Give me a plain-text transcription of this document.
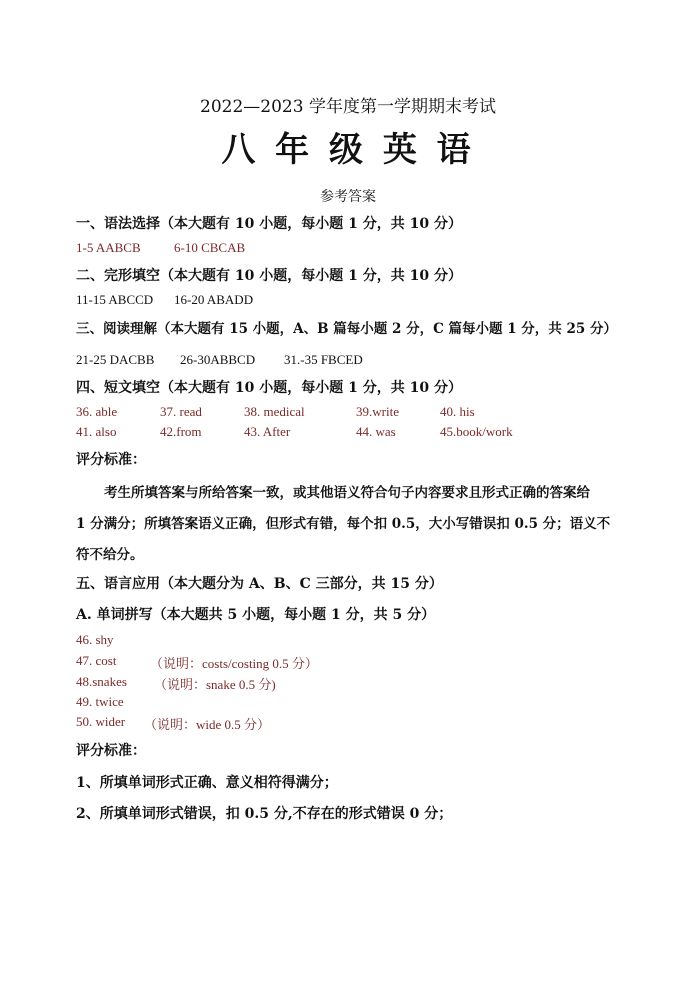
2022—2023 学年度第一学期期末考试
八 年 级 英 语
参考答案
一、语法选择（本大题有 10 小题，每小题 1 分，共 10 分）
1-5 AABCB	6-10 CBCAB
二、完形填空（本大题有 10 小题，每小题 1 分，共 10 分）
11-15 ABCCD 16-20 ABADD
三、阅读理解（本大题有 15 小题，A、B 篇每小题 2 分，C 篇每小题 1 分，共 25 分）
21-25 DACBB 26-30ABBCD 31.-35 FBCED
四、短文填空（本大题有 10 小题，每小题 1 分，共 10 分）
36. able	37. read	38. medical	39.write	40. his
41. also	42.from	43. After	44. was	45.book/work
评分标准：
考生所填答案与所给答案一致，或其他语义符合句子内容要求且形式正确的答案给
1 分满分；所填答案语义正确，但形式有错，每个扣 0.5，大小写错误扣 0.5 分；语义不
符不给分。
五、语言应用（本大题分为 A、B、C 三部分，共 15 分）
A. 单词拼写（本大题共 5 小题，每小题 1 分，共 5 分）
46. shy
47. cost	（说明：costs/costing 0.5 分）
48.snakes （说明：snake 0.5 分)
49. twice
50. wider （说明：wide 0.5 分）
评分标准：
1、所填单词形式正确、意义相符得满分；
2、所填单词形式错误，扣 0.5 分,不存在的形式错误 0 分；
